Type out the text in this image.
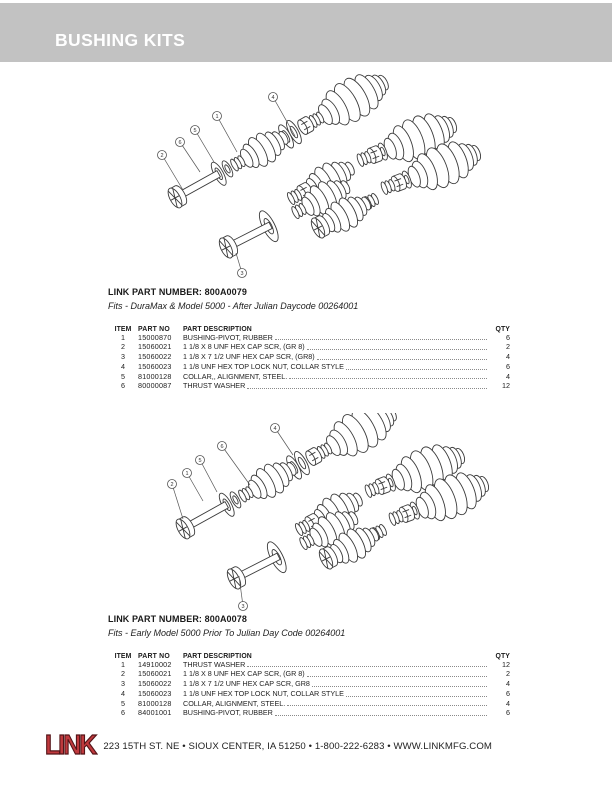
BUSHING KITS
2
6
5
1
4
3
LINK PART NUMBER: 800A0079
Fits - DuraMax & Model 5000 - After Julian Daycode 00264001
ITEM PART NO	PART DESCRIPTION	QTY
1	15000870	BUSHING-PIVOT, RUBBER	6
2	15060021	1 1/8 X 8 UNF HEX CAP SCR, (GR 8)	2
3	15060022	1 1/8 X 7 1/2 UNF HEX CAP SCR, (GR8)	4
4	15060023	1 1/8 UNF HEX TOP LOCK NUT, COLLAR STYLE	6
5	81000128	COLLAR,, ALIGNMENT, STEEL.	4
6	80000087	THRUST WASHER	12
2
1
5
6
4
3
LINK PART NUMBER: 800A0078
Fits - Early Model 5000 Prior To Julian Day Code 00264001
ITEM PART NO	PART DESCRIPTION	QTY
1	14910002	THRUST WASHER	12
2	15060021	1 1/8 X 8 UNF HEX CAP SCR, (GR 8)	2
3	15060022	1 1/8 X 7 1/2 UNF HEX CAP SCR, GR8	4
4	15060023	1 1/8 UNF HEX TOP LOCK NUT, COLLAR STYLE	6
5	81000128	COLLAR, ALIGNMENT, STEEL.	4
6	84001001	BUSHING-PIVOT, RUBBER	6
LINK 223 15TH ST. NE • SIOUX CENTER, IA 51250 • 1-800-222-6283 • WWW.LINKMFG.COM
